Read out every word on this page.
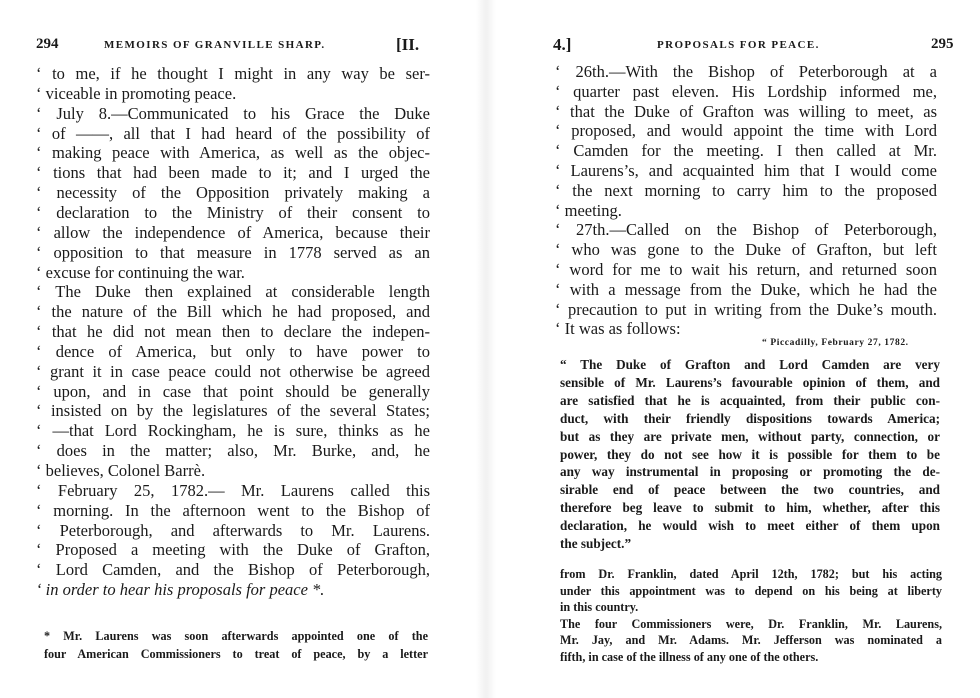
294	MEMOIRS OF GRANVILLE SHARP.	[II.
‘ to me, if he thought I might in any way be ser-
‘ viceable in promoting peace.
‘ July 8.—Communicated to his Grace the Duke
‘ of ——, all that I had heard of the possibility of
‘ making peace with America, as well as the objec-
‘ tions that had been made to it; and I urged the
‘ necessity of the Opposition privately making a
‘ declaration to the Ministry of their consent to
‘ allow the independence of America, because their
‘ opposition to that measure in 1778 served as an
‘ excuse for continuing the war.
‘ The Duke then explained at considerable length
‘ the nature of the Bill which he had proposed, and
‘ that he did not mean then to declare the indepen-
‘ dence of America, but only to have power to
‘ grant it in case peace could not otherwise be agreed
‘ upon, and in case that point should be generally
‘ insisted on by the legislatures of the several States;
‘ —that Lord Rockingham, he is sure, thinks as he
‘ does in the matter; also, Mr. Burke, and, he
‘ believes, Colonel Barrè.
‘ February 25, 1782.— Mr. Laurens called this
‘ morning. In the afternoon went to the Bishop of
‘ Peterborough, and afterwards to Mr. Laurens.
‘ Proposed a meeting with the Duke of Grafton,
‘ Lord Camden, and the Bishop of Peterborough,
‘ in order to hear his proposals for peace *.
* Mr. Laurens was soon afterwards appointed one of the
four American Commissioners to treat of peace, by a letter
4.]	PROPOSALS FOR PEACE.	295
‘ 26th.—With the Bishop of Peterborough at a
‘ quarter past eleven. His Lordship informed me,
‘ that the Duke of Grafton was willing to meet, as
‘ proposed, and would appoint the time with Lord
‘ Camden for the meeting. I then called at Mr.
‘ Laurens’s, and acquainted him that I would come
‘ the next morning to carry him to the proposed
‘ meeting.
‘ 27th.—Called on the Bishop of Peterborough,
‘ who was gone to the Duke of Grafton, but left
‘ word for me to wait his return, and returned soon
‘ with a message from the Duke, which he had the
‘ precaution to put in writing from the Duke’s mouth.
‘ It was as follows:
“ Piccadilly, February 27, 1782.
“ The Duke of Grafton and Lord Camden are very
sensible of Mr. Laurens’s favourable opinion of them, and
are satisfied that he is acquainted, from their public con-
duct, with their friendly dispositions towards America;
but as they are private men, without party, connection, or
power, they do not see how it is possible for them to be
any way instrumental in proposing or promoting the de-
sirable end of peace between the two countries, and
therefore beg leave to submit to him, whether, after this
declaration, he would wish to meet either of them upon
the subject.”
from Dr. Franklin, dated April 12th, 1782; but his acting
under this appointment was to depend on his being at liberty
in this country.
The four Commissioners were, Dr. Franklin, Mr. Laurens,
Mr. Jay, and Mr. Adams. Mr. Jefferson was nominated a
fifth, in case of the illness of any one of the others.
